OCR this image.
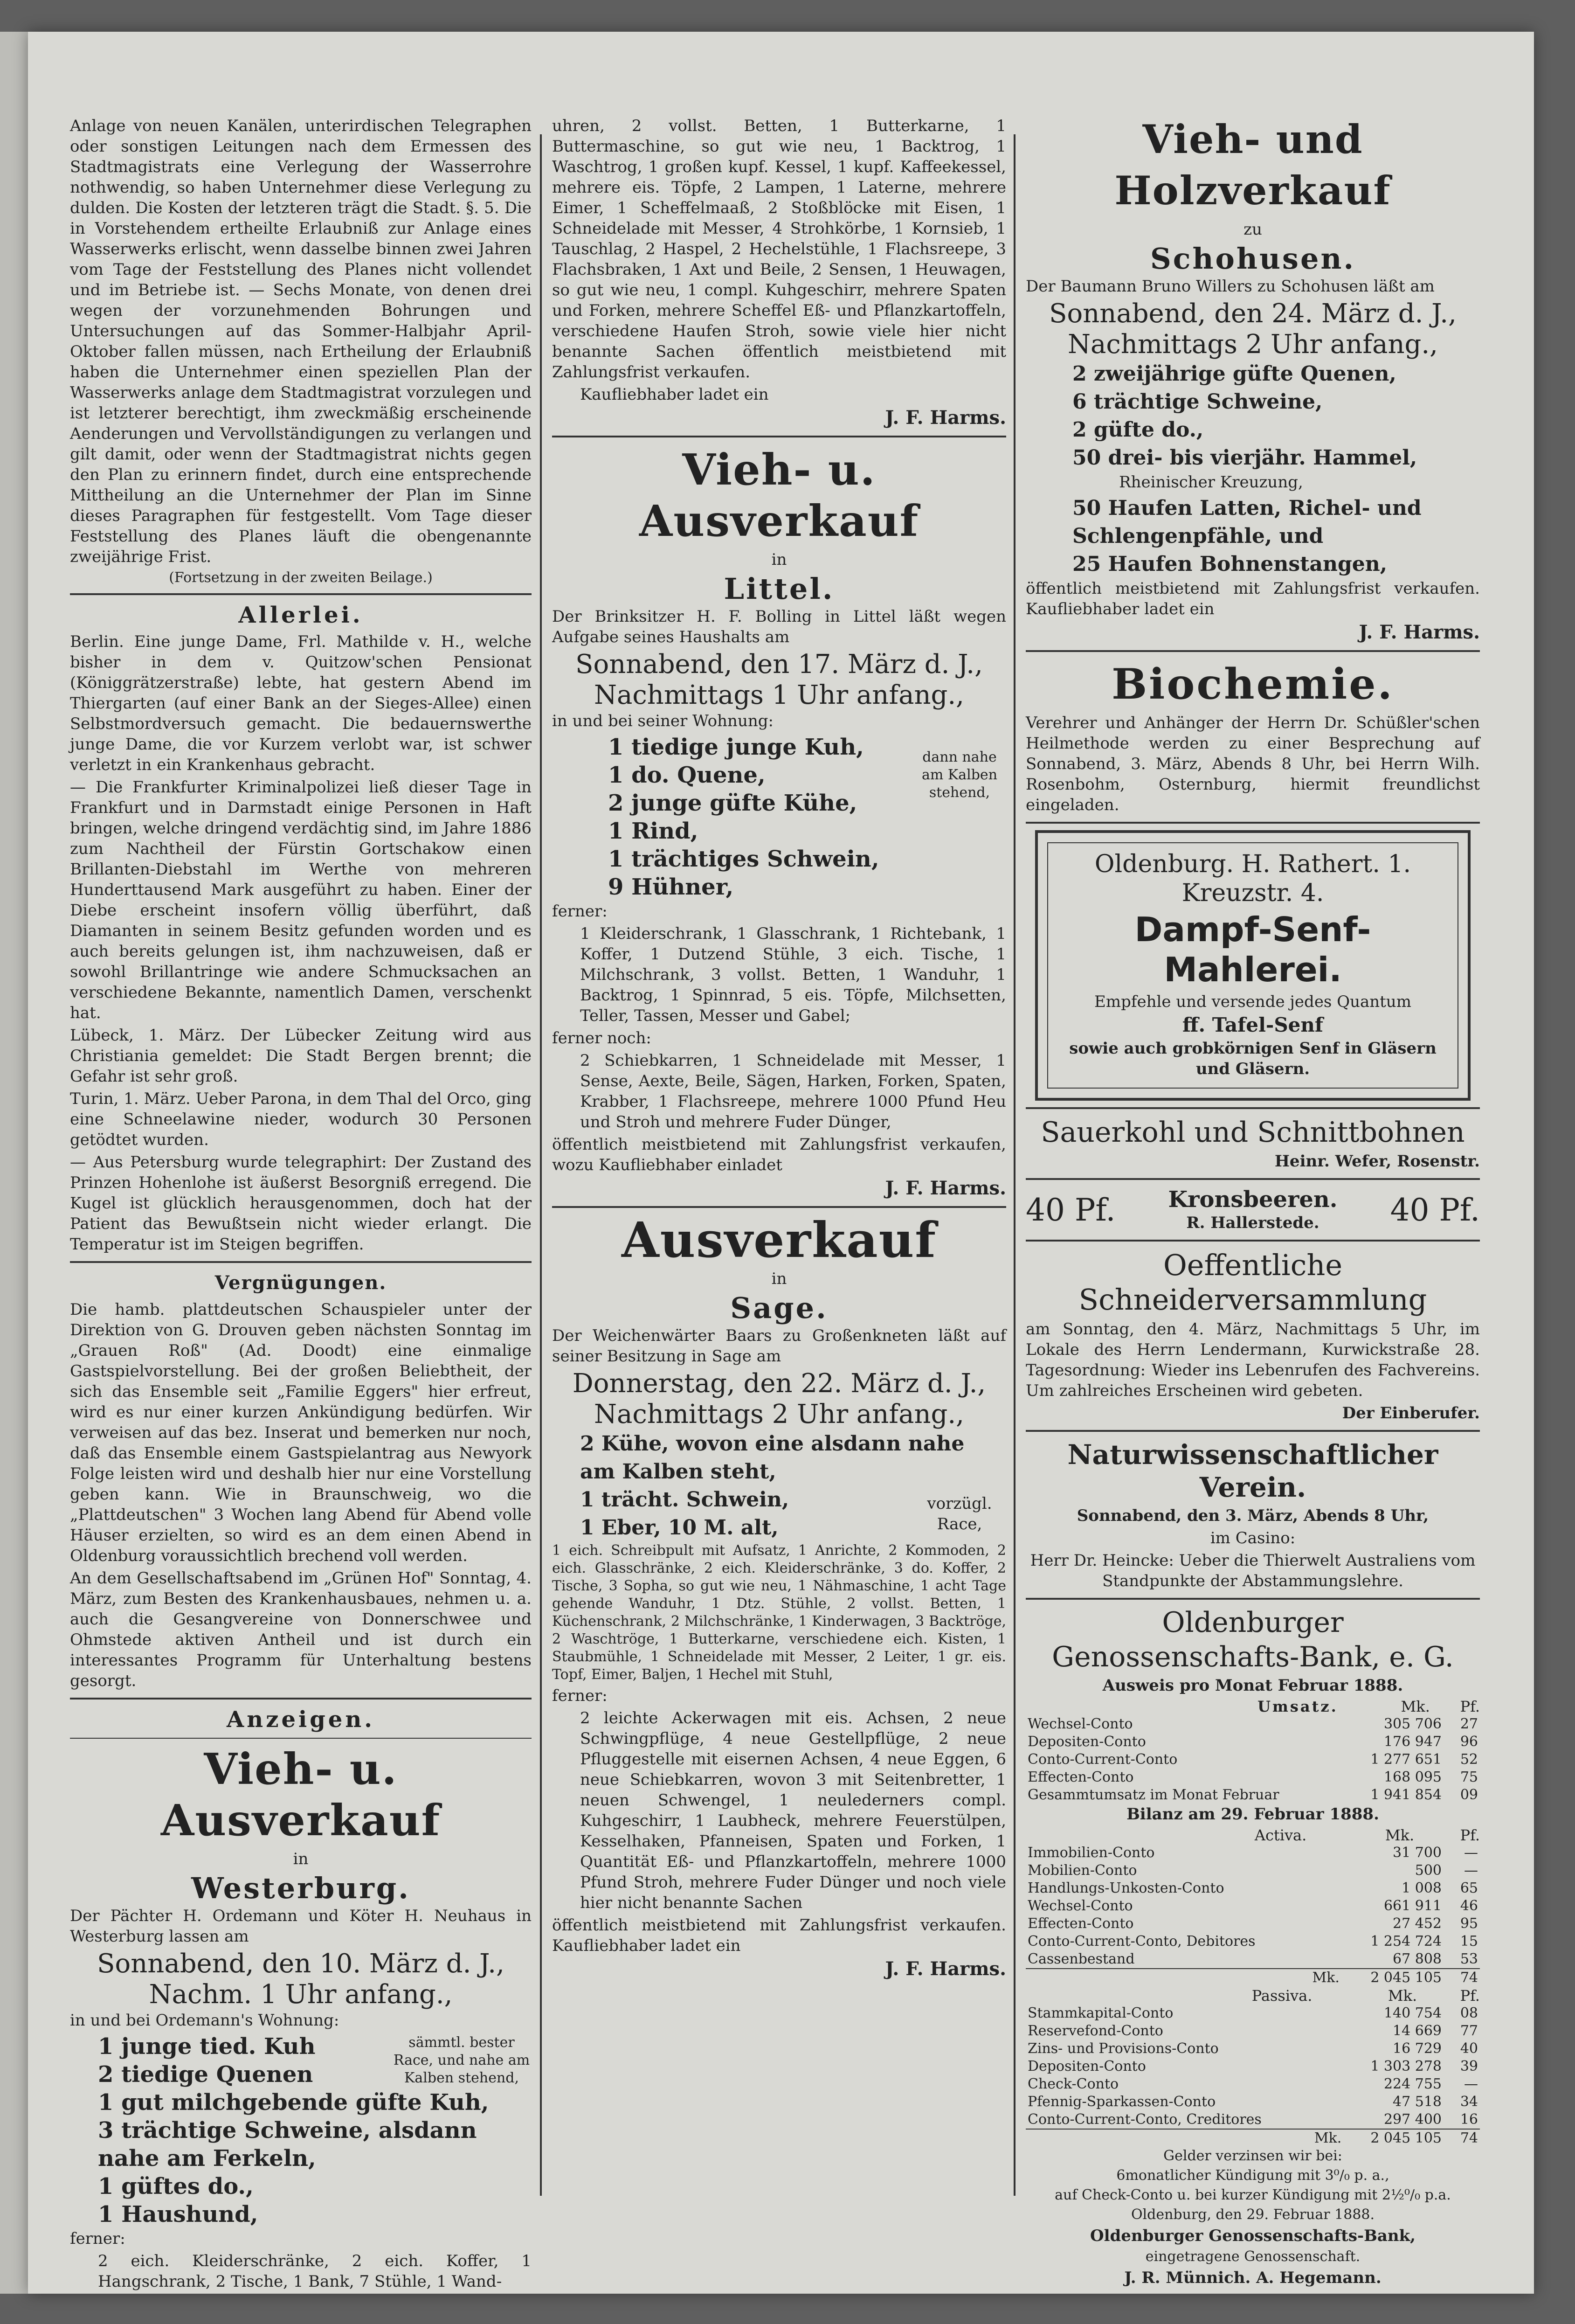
Anlage von neuen Kanälen, unterirdischen Telegraphen oder sonstigen Leitungen nach dem Ermessen des Stadtmagistrats eine Verlegung der Wasserrohre nothwendig, so haben Unternehmer diese Verlegung zu dulden. Die Kosten der letzteren trägt die Stadt. §. 5. Die in Vorstehendem ertheilte Erlaubniß zur Anlage eines Wasserwerks erlischt, wenn dasselbe binnen zwei Jahren vom Tage der Feststellung des Planes nicht vollendet und im Betriebe ist. — Sechs Monate, von denen drei wegen der vorzunehmenden Bohrungen und Untersuchungen auf das Sommer-Halbjahr April-Oktober fallen müssen, nach Ertheilung der Erlaubniß haben die Unternehmer einen speziellen Plan der Wasserwerks anlage dem Stadtmagistrat vorzulegen und ist letzterer berechtigt, ihm zweckmäßig erscheinende Aenderungen und Vervollständigungen zu verlangen und gilt damit, oder wenn der Stadtmagistrat nichts gegen den Plan zu erinnern findet, durch eine entsprechende Mittheilung an die Unternehmer der Plan im Sinne dieses Paragraphen für festgestellt. Vom Tage dieser Feststellung des Planes läuft die obengenannte zweijährige Frist.

(Fortsetzung in der zweiten Beilage.)

Allerlei.

Berlin. Eine junge Dame, Frl. Mathilde v. H., welche bisher in dem v. Quitzow'schen Pensionat (Königgrätzerstraße) lebte, hat gestern Abend im Thiergarten (auf einer Bank an der Sieges-Allee) einen Selbstmordversuch gemacht. Die bedauernswerthe junge Dame, die vor Kurzem verlobt war, ist schwer verletzt in ein Krankenhaus gebracht.

— Die Frankfurter Kriminalpolizei ließ dieser Tage in Frankfurt und in Darmstadt einige Personen in Haft bringen, welche dringend verdächtig sind, im Jahre 1886 zum Nachtheil der Fürstin Gortschakow einen Brillanten-Diebstahl im Werthe von mehreren Hunderttausend Mark ausgeführt zu haben. Einer der Diebe erscheint insofern völlig überführt, daß Diamanten in seinem Besitz gefunden worden und es auch bereits gelungen ist, ihm nachzuweisen, daß er sowohl Brillantringe wie andere Schmucksachen an verschiedene Bekannte, namentlich Damen, verschenkt hat.

Lübeck, 1. März. Der Lübecker Zeitung wird aus Christiania gemeldet: Die Stadt Bergen brennt; die Gefahr ist sehr groß.

Turin, 1. März. Ueber Parona, in dem Thal del Orco, ging eine Schneelawine nieder, wodurch 30 Personen getödtet wurden.

— Aus Petersburg wurde telegraphirt: Der Zustand des Prinzen Hohenlohe ist äußerst Besorgniß erregend. Die Kugel ist glücklich herausgenommen, doch hat der Patient das Bewußtsein nicht wieder erlangt. Die Temperatur ist im Steigen begriffen.

Vergnügungen.

Die hamb. plattdeutschen Schauspieler unter der Direktion von G. Drouven geben nächsten Sonntag im „Grauen Roß" (Ad. Doodt) eine einmalige Gastspielvorstellung. Bei der großen Beliebtheit, der sich das Ensemble seit „Familie Eggers" hier erfreut, wird es nur einer kurzen Ankündigung bedürfen. Wir verweisen auf das bez. Inserat und bemerken nur noch, daß das Ensemble einem Gastspielantrag aus Newyork Folge leisten wird und deshalb hier nur eine Vorstellung geben kann. Wie in Braunschweig, wo die „Plattdeutschen" 3 Wochen lang Abend für Abend volle Häuser erzielten, so wird es an dem einen Abend in Oldenburg voraussichtlich brechend voll werden.

An dem Gesellschaftsabend im „Grünen Hof" Sonntag, 4. März, zum Besten des Krankenhausbaues, nehmen u. a. auch die Gesangvereine von Donnerschwee und Ohmstede aktiven Antheil und ist durch ein interessantes Programm für Unterhaltung bestens gesorgt.

Anzeigen.
Vieh- u. Ausverkauf

in

Westerburg.

Der Pächter H. Ordemann und Köter H. Neuhaus in Westerburg lassen am

Sonnabend, den 10. März d. J.,
Nachm. 1 Uhr anfang.,

in und bei Ordemann's Wohnung:

1 junge tied. Kuh
2 tiedige Quenen
sämmtl. bester Race, und nahe am Kalben stehend,
1 gut milchgebende güfte Kuh,
3 trächtige Schweine, alsdann nahe am Ferkeln,
1 güftes do.,
1 Haushund,

ferner:

2 eich. Kleiderschränke, 2 eich. Koffer, 1 Hangschrank, 2 Tische, 1 Bank, 7 Stühle, 1 Wand-

uhren, 2 vollst. Betten, 1 Butterkarne, 1 Buttermaschine, so gut wie neu, 1 Backtrog, 1 Waschtrog, 1 großen kupf. Kessel, 1 kupf. Kaffeekessel, mehrere eis. Töpfe, 2 Lampen, 1 Laterne, mehrere Eimer, 1 Scheffelmaaß, 2 Stoßblöcke mit Eisen, 1 Schneidelade mit Messer, 4 Strohkörbe, 1 Kornsieb, 1 Tauschlag, 2 Haspel, 2 Hechelstühle, 1 Flachsreepe, 3 Flachsbraken, 1 Axt und Beile, 2 Sensen, 1 Heuwagen, so gut wie neu, 1 compl. Kuhgeschirr, mehrere Spaten und Forken, mehrere Scheffel Eß- und Pflanzkartoffeln, verschiedene Haufen Stroh, sowie viele hier nicht benannte Sachen öffentlich meistbietend mit Zahlungsfrist verkaufen.

Kaufliebhaber ladet ein

J. F. Harms.

Vieh- u. Ausverkauf

in

Littel.

Der Brinksitzer H. F. Bolling in Littel läßt wegen Aufgabe seines Haushalts am

Sonnabend, den 17. März d. J.,
Nachmittags 1 Uhr anfang.,

in und bei seiner Wohnung:

1 tiedige junge Kuh,
1 do. Quene,
2 junge güfte Kühe,
dann nahe am Kalben stehend,
1 Rind,
1 trächtiges Schwein,
9 Hühner,

ferner:

1 Kleiderschrank, 1 Glasschrank, 1 Richtebank, 1 Koffer, 1 Dutzend Stühle, 3 eich. Tische, 1 Milchschrank, 3 vollst. Betten, 1 Wanduhr, 1 Backtrog, 1 Spinnrad, 5 eis. Töpfe, Milchsetten, Teller, Tassen, Messer und Gabel;

ferner noch:

2 Schiebkarren, 1 Schneidelade mit Messer, 1 Sense, Aexte, Beile, Sägen, Harken, Forken, Spaten, Krabber, 1 Flachsreepe, mehrere 1000 Pfund Heu und Stroh und mehrere Fuder Dünger,

öffentlich meistbietend mit Zahlungsfrist verkaufen, wozu Kaufliebhaber einladet

J. F. Harms.

Ausverkauf

in

Sage.

Der Weichenwärter Baars zu Großenkneten läßt auf seiner Besitzung in Sage am

Donnerstag, den 22. März d. J.,
Nachmittags 2 Uhr anfang.,
2 Kühe, wovon eine alsdann nahe am Kalben steht,
1 trächt. Schwein,
1 Eber, 10 M. alt,
vorzügl. Race,

1 eich. Schreibpult mit Aufsatz, 1 Anrichte, 2 Kommoden, 2 eich. Glasschränke, 2 eich. Kleiderschränke, 3 do. Koffer, 2 Tische, 3 Sopha, so gut wie neu, 1 Nähmaschine, 1 acht Tage gehende Wanduhr, 1 Dtz. Stühle, 2 vollst. Betten, 1 Küchenschrank, 2 Milchschränke, 1 Kinderwagen, 3 Backtröge, 2 Waschtröge, 1 Butterkarne, verschiedene eich. Kisten, 1 Staubmühle, 1 Schneidelade mit Messer, 2 Leiter, 1 gr. eis. Topf, Eimer, Baljen, 1 Hechel mit Stuhl,

ferner:

2 leichte Ackerwagen mit eis. Achsen, 2 neue Schwingpflüge, 4 neue Gestellpflüge, 2 neue Pfluggestelle mit eisernen Achsen, 4 neue Eggen, 6 neue Schiebkarren, wovon 3 mit Seitenbretter, 1 neuen Schwengel, 1 neulederners compl. Kuhgeschirr, 1 Laubheck, mehrere Feuerstülpen, Kesselhaken, Pfanneisen, Spaten und Forken, 1 Quantität Eß- und Pflanzkartoffeln, mehrere 1000 Pfund Stroh, mehrere Fuder Dünger und noch viele hier nicht benannte Sachen

öffentlich meistbietend mit Zahlungsfrist verkaufen. Kaufliebhaber ladet ein

J. F. Harms.

Vieh- und Holzverkauf

zu

Schohusen.

Der Baumann Bruno Willers zu Schohusen läßt am

Sonnabend, den 24. März d. J.,
Nachmittags 2 Uhr anfang.,
2 zweijährige güfte Quenen,
6 trächtige Schweine,
2 güfte do.,
50 drei- bis vierjähr. Hammel,

Rheinischer Kreuzung,

50 Haufen Latten, Richel- und Schlengenpfähle, und
25 Haufen Bohnenstangen,

öffentlich meistbietend mit Zahlungsfrist verkaufen. Kaufliebhaber ladet ein

J. F. Harms.

Biochemie.

Verehrer und Anhänger der Herrn Dr. Schüßler'schen Heilmethode werden zu einer Besprechung auf Sonnabend, 3. März, Abends 8 Uhr, bei Herrn Wilh. Rosenbohm, Osternburg, hiermit freundlichst eingeladen.

Oldenburg. H. Rathert. 1. Kreuzstr. 4.

Dampf-Senf-Mahlerei.

Empfehle und versende jedes Quantum

ff. Tafel-Senf

sowie auch grobkörnigen Senf in Gläsern und Gläsern.

Sauerkohl und Schnittbohnen

Heinr. Wefer, Rosenstr.

40 Pf. Kronsbeeren.
R. Hallerstede.	40 Pf.

Oeffentliche Schneiderversammlung

am Sonntag, den 4. März, Nachmittags 5 Uhr, im Lokale des Herrn Lendermann, Kurwickstraße 28. Tagesordnung: Wieder ins Lebenrufen des Fachvereins. Um zahlreiches Erscheinen wird gebeten.

Der Einberufer.

Naturwissenschaftlicher Verein.

Sonnabend, den 3. März, Abends 8 Uhr,

im Casino:

Herr Dr. Heincke: Ueber die Thierwelt Australiens vom Standpunkte der Abstammungslehre.

Oldenburger

Genossenschafts-Bank, e. G.

Ausweis pro Monat Februar 1888.

Umsatz.	Mk.	Pf.
Wechsel-Conto	305 706	27
Depositen-Conto	176 947	96
Conto-Current-Conto	1 277 651	52
Effecten-Conto	168 095	75
Gesammtumsatz im Monat Februar	1 941 854	09

Bilanz am 29. Februar 1888.

Activa.	Mk.	Pf.
Immobilien-Conto	31 700	—
Mobilien-Conto	500	—
Handlungs-Unkosten-Conto	1 008	65
Wechsel-Conto	661 911	46
Effecten-Conto	27 452	95
Conto-Current-Conto, Debitores	1 254 724	15
Cassenbestand	67 808	53
Mk.	2 045 105	74
Passiva.	Mk.	Pf.
Stammkapital-Conto	140 754	08
Reservefond-Conto	14 669	77
Zins- und Provisions-Conto	16 729	40
Depositen-Conto	1 303 278	39
Check-Conto	224 755	—
Pfennig-Sparkassen-Conto	47 518	34
Conto-Current-Conto, Creditores	297 400	16
Mk.	2 045 105	74

Gelder verzinsen wir bei:

6monatlicher Kündigung mit 3⁰/₀ p. a.,

auf Check-Conto u. bei kurzer Kündigung mit 2½⁰/₀ p.a.

Oldenburg, den 29. Februar 1888.

Oldenburger Genossenschafts-Bank,

eingetragene Genossenschaft.

J. R. Münnich. A. Hegemann.
